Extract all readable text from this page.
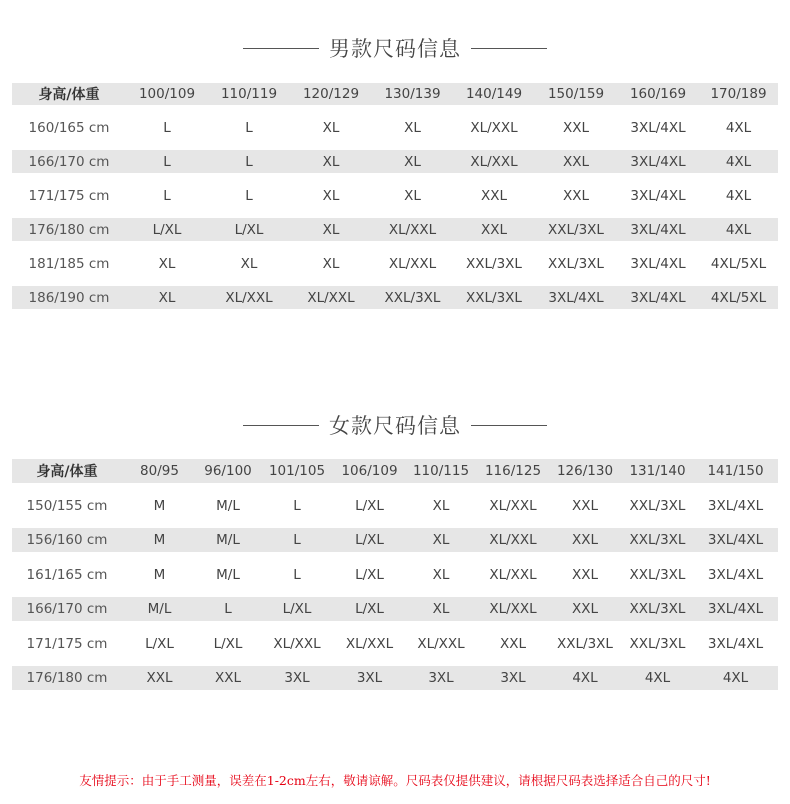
男款尺码信息
身高/体重	100/109	110/119	120/129	130/139	140/149	150/159	160/169	170/189
160/165 cm	L	L	XL	XL	XL/XXL	XXL	3XL/4XL	4XL
166/170 cm	L	L	XL	XL	XL/XXL	XXL	3XL/4XL	4XL
171/175 cm	L	L	XL	XL	XXL	XXL	3XL/4XL	4XL
176/180 cm	L/XL	L/XL	XL	XL/XXL	XXL	XXL/3XL	3XL/4XL	4XL
181/185 cm	XL	XL	XL	XL/XXL	XXL/3XL	XXL/3XL	3XL/4XL	4XL/5XL
186/190 cm	XL	XL/XXL	XL/XXL	XXL/3XL	XXL/3XL	3XL/4XL	3XL/4XL	4XL/5XL
女款尺码信息
身高/体重	80/95	96/100	101/105	106/109	110/115	116/125	126/130	131/140	141/150
150/155 cm	M	M/L	L	L/XL	XL	XL/XXL	XXL	XXL/3XL	3XL/4XL
156/160 cm	M	M/L	L	L/XL	XL	XL/XXL	XXL	XXL/3XL	3XL/4XL
161/165 cm	M	M/L	L	L/XL	XL	XL/XXL	XXL	XXL/3XL	3XL/4XL
166/170 cm	M/L	L	L/XL	L/XL	XL	XL/XXL	XXL	XXL/3XL	3XL/4XL
171/175 cm	L/XL	L/XL	XL/XXL	XL/XXL	XL/XXL	XXL	XXL/3XL	XXL/3XL	3XL/4XL
176/180 cm	XXL	XXL	3XL	3XL	3XL	3XL	4XL	4XL	4XL
友情提示：由于手工测量，误差在1-2cm左右，敬请谅解。尺码表仅提供建议，请根据尺码表选择适合自己的尺寸!
